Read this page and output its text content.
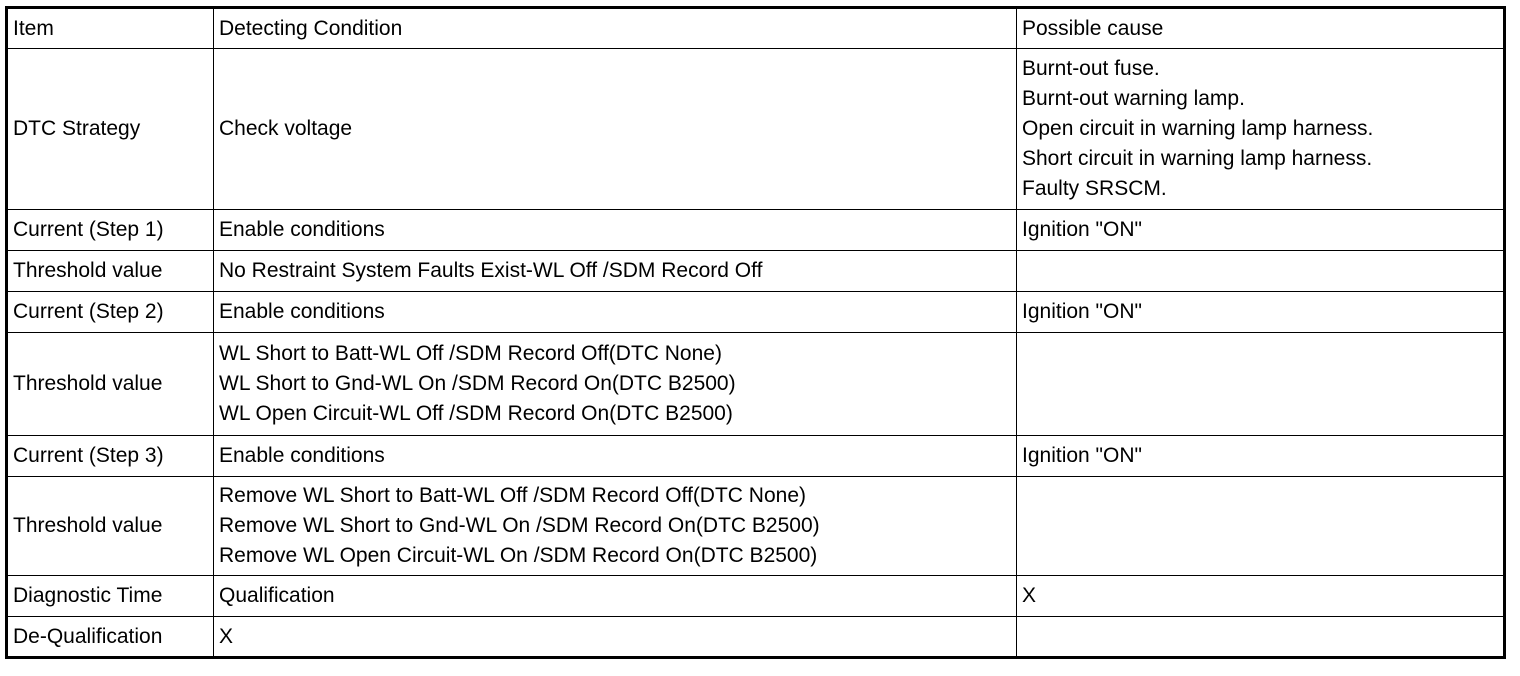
Item	Detecting Condition	Possible cause
DTC Strategy	Check voltage	Burnt-out fuse.
Burnt-out warning lamp.
Open circuit in warning lamp harness.
Short circuit in warning lamp harness.
Faulty SRSCM.

Current (Step 1)	Enable conditions	Ignition "ON"
Threshold value	No Restraint System Faults Exist-WL Off /SDM Record Off	
Current (Step 2)	Enable conditions	Ignition "ON"
Threshold value	WL Short to Batt-WL Off /SDM Record Off(DTC None)
WL Short to Gnd-WL On /SDM Record On(DTC B2500)
WL Open Circuit-WL Off /SDM Record On(DTC B2500)	

Current (Step 3)	Enable conditions	Ignition "ON"
Threshold value	Remove WL Short to Batt-WL Off /SDM Record Off(DTC None)
Remove WL Short to Gnd-WL On /SDM Record On(DTC B2500)
Remove WL Open Circuit-WL On /SDM Record On(DTC B2500)	

Diagnostic Time	Qualification	X
De-Qualification	X	
